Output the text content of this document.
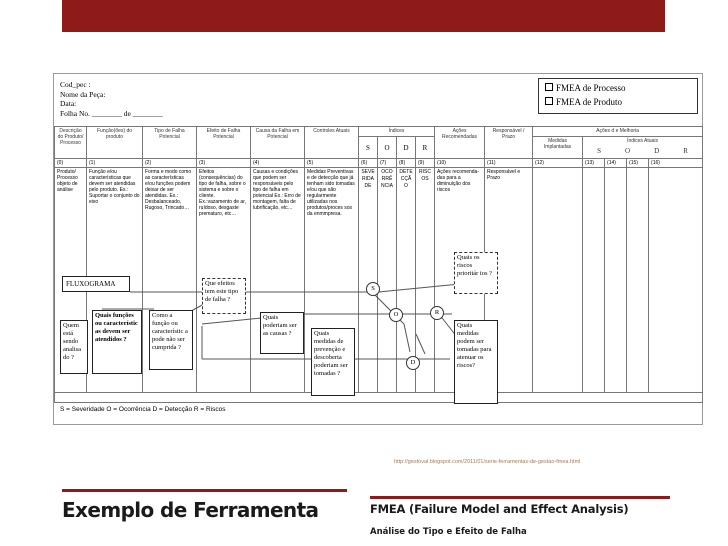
Cod_pec :
Nome da Peça:
Data:
Folha No. ________ de ________
FMEA de Processo
FMEA de Produto
Descrição do Produto/ Processo	Função(ões) do produto	Tipo de Falha Potencial	Efeito de Falha Potencial	Causa da Falha em Potencial	Controles Atuais	Índices				Ações Recomendadas	Responsável / Prazo	Ações d e Melhoria				
						S	O	D	R			Medidas Implantadas	Índices Atuais
S O D R			

(0)	(1)	(2)	(3)	(4)	(5)	(6)	(7)	(8)	(9)	(10)	(11)	(12)	(13)	(14)	(15)	(16)
Produto/ Processo objeto de análise	Função e/ou características que devem ser atendidas pelo produto. Ex.: Suportar o conjunto do eixo	Forma e modo como as características e/ou funções podem deixar de ser atendidas. Ex.: Desbalanceado, Rugoso, Trincado…	Efeitos (consequências) do tipo de falha, sobre o sistema e sobre o cliente. Ex.:vazamento de ar, ruídoso, desgaste prematuro, etc…	Causas e condições que podem ser responsáveis pelo tipo de falha em potencial Ex.: Erro de montagem, falta de lubrificação, etc…	Medidas Preventivas e de detecção que já tenham sido tomadas e/ou que são regularmente utilizadas nos produtos/proces sos da enmmpresa.	SEVERIDADE	OCORRÊNCIA	DETECÇÃO	RISCOS	Ações recomenda- das para a diminuição dos riscos	Responsável e Prazo					

S = Severidade O = Ocorrência D = Detecção R = Riscos
FLUXOGRAMA
Quem está sendo analisa do ?
Quais funções ou característic as devem ser atendidos ?
Como a função ou característic a pode não ser cumprida ?
Que efeitos tem este tipo de falha ?
Quais poderiam ser as causas ?	Quais medidas de prevenção e descoberta poderiam ser tomadas ?
Quais os riscos prioritár ios ?
Quais medidas podem ser tomadas para atenuar os riscos?
S
O	R
D
http://gestoval.blogspot.com/2011/01/serie-ferramentas-de-gestao-fmea.html
Exemplo de Ferramenta	FMEA (Failure Model and Effect Analysis)
Análise do Tipo e Efeito de Falha
